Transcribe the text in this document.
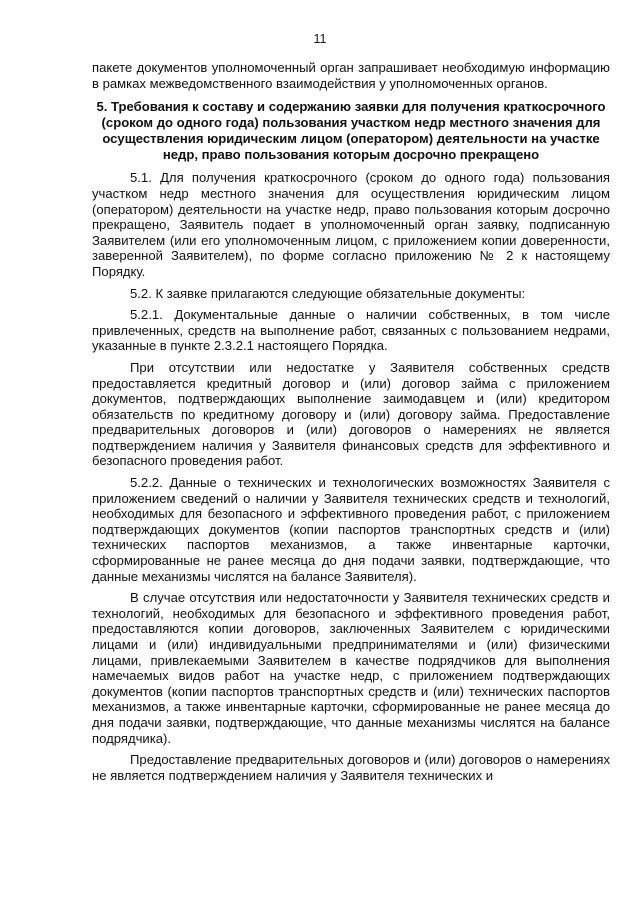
11

пакете документов уполномоченный орган запрашивает необходимую информацию в рамках межведомственного взаимодействия у уполномоченных органов.

5. Требования к составу и содержанию заявки для получения краткосрочного (сроком до одного года) пользования участком недр местного значения для осуществления юридическим лицом (оператором) деятельности на участке недр, право пользования которым досрочно прекращено

5.1. Для получения краткосрочного (сроком до одного года) пользования участком недр местного значения для осуществления юридическим лицом (оператором) деятельности на участке недр, право пользования которым досрочно прекращено, Заявитель подает в уполномоченный орган заявку, подписанную Заявителем (или его уполномоченным лицом, с приложением копии доверенности, заверенной Заявителем), по форме согласно приложению № 2 к настоящему Порядку.

5.2. К заявке прилагаются следующие обязательные документы:

5.2.1. Документальные данные о наличии собственных, в том числе привлеченных, средств на выполнение работ, связанных с пользованием недрами, указанные в пункте 2.3.2.1 настоящего Порядка.

При отсутствии или недостатке у Заявителя собственных средств предоставляется кредитный договор и (или) договор займа с приложением документов, подтверждающих выполнение заимодавцем и (или) кредитором обязательств по кредитному договору и (или) договору займа. Предоставление предварительных договоров и (или) договоров о намерениях не является подтверждением наличия у Заявителя финансовых средств для эффективного и безопасного проведения работ.

5.2.2. Данные о технических и технологических возможностях Заявителя с приложением сведений о наличии у Заявителя технических средств и технологий, необходимых для безопасного и эффективного проведения работ, с приложением подтверждающих документов (копии паспортов транспортных средств и (или) технических паспортов механизмов, а также инвентарные карточки, сформированные не ранее месяца до дня подачи заявки, подтверждающие, что данные механизмы числятся на балансе Заявителя).

В случае отсутствия или недостаточности у Заявителя технических средств и технологий, необходимых для безопасного и эффективного проведения работ, предоставляются копии договоров, заключенных Заявителем с юридическими лицами и (или) индивидуальными предпринимателями и (или) физическими лицами, привлекаемыми Заявителем в качестве подрядчиков для выполнения намечаемых видов работ на участке недр, с приложением подтверждающих документов (копии паспортов транспортных средств и (или) технических паспортов механизмов, а также инвентарные карточки, сформированные не ранее месяца до дня подачи заявки, подтверждающие, что данные механизмы числятся на балансе подрядчика).

Предоставление предварительных договоров и (или) договоров о намерениях не является подтверждением наличия у Заявителя технических и
